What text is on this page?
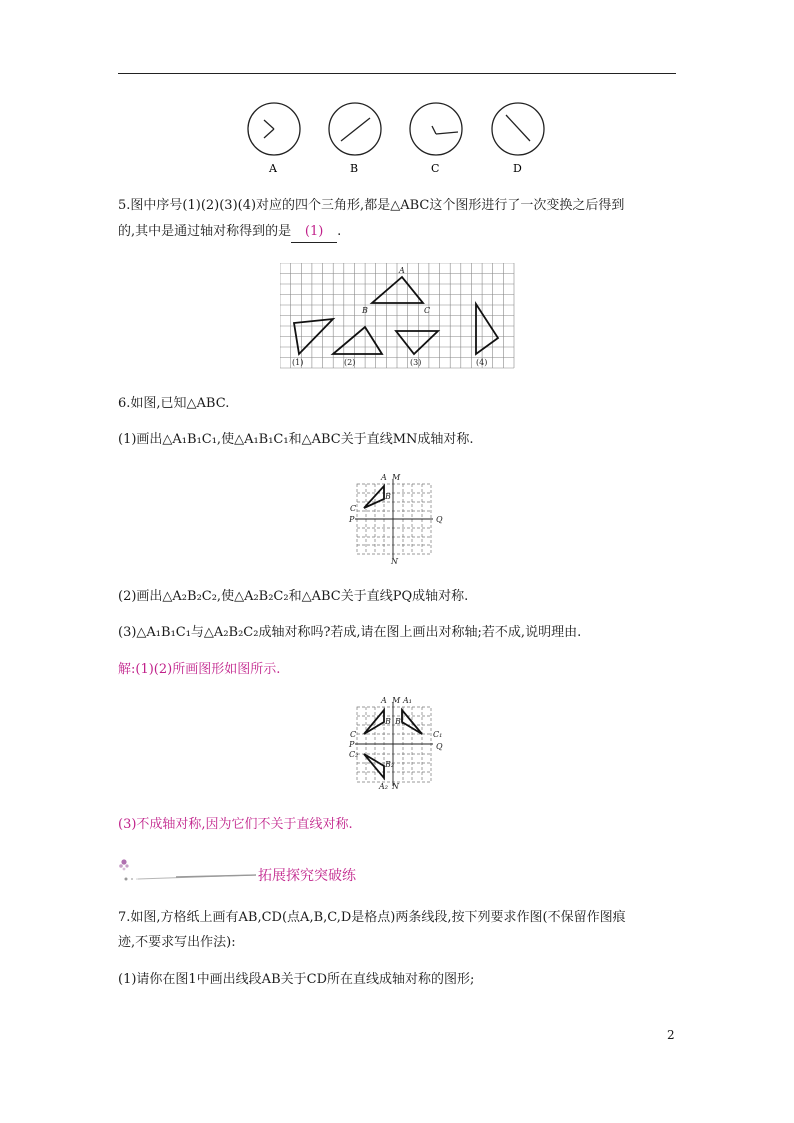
A	B	C	D
5.图中序号(1)(2)(3)(4)对应的四个三角形,都是△ABC这个图形进行了一次变换之后得到
的,其中是通过轴对称得到的是 (1) .
A
B	C
(1)	(2)	(3)	(4)
6.如图,已知△ABC.
(1)画出△A₁B₁C₁,使△A₁B₁C₁和△ABC关于直线MN成轴对称.
A M
B
C
P	Q
N
(2)画出△A₂B₂C₂,使△A₂B₂C₂和△ABC关于直线PQ成轴对称.
(3)△A₁B₁C₁与△A₂B₂C₂成轴对称吗?若成,请在图上画出对称轴;若不成,说明理由.
解:(1)(2)所画图形如图所示.
A M A₁
B B₁
C	C₁
P	Q
C₂
B₂
A₂ N
(3)不成轴对称,因为它们不关于直线对称.
拓展探究突破练
7.如图,方格纸上画有AB,CD(点A,B,C,D是格点)两条线段,按下列要求作图(不保留作图痕
迹,不要求写出作法):
(1)请你在图1中画出线段AB关于CD所在直线成轴对称的图形;
2
